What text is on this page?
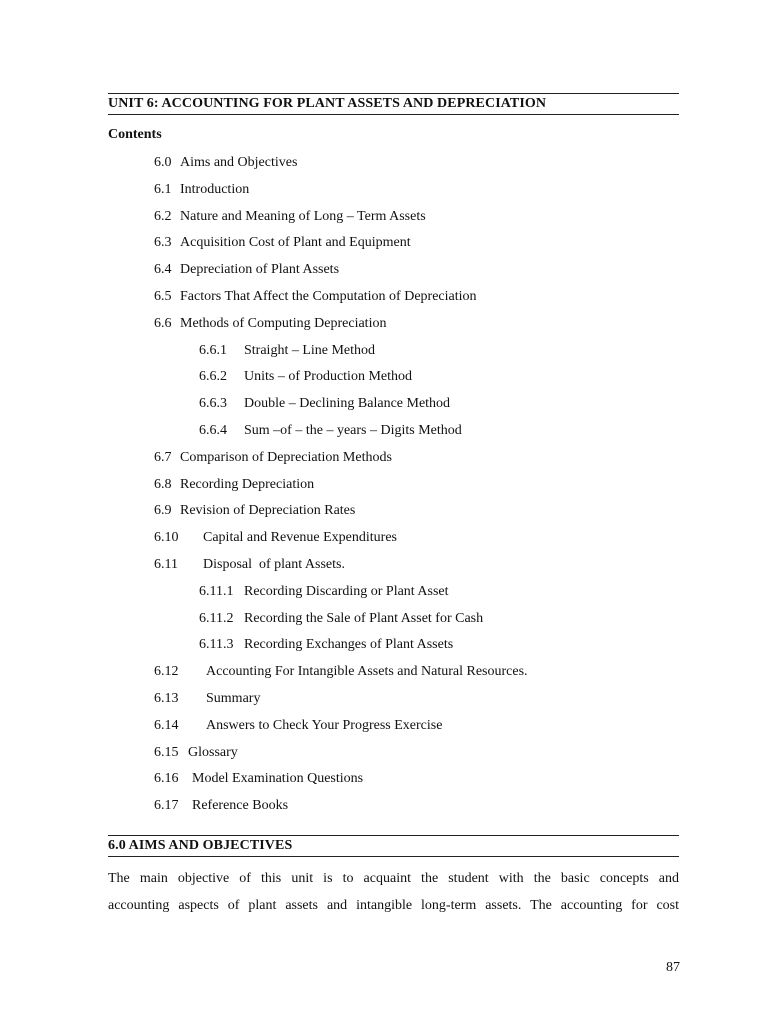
UNIT 6: ACCOUNTING FOR PLANT ASSETS AND DEPRECIATION
Contents
6.0 Aims and Objectives
6.1 Introduction
6.2 Nature and Meaning of Long – Term Assets
6.3 Acquisition Cost of Plant and Equipment
6.4 Depreciation of Plant Assets
6.5 Factors That Affect the Computation of Depreciation
6.6 Methods of Computing Depreciation
6.6.1 Straight – Line Method
6.6.2 Units – of Production Method
6.6.3 Double – Declining Balance Method
6.6.4 Sum –of – the – years – Digits Method
6.7 Comparison of Depreciation Methods
6.8 Recording Depreciation
6.9 Revision of Depreciation Rates
6.10 Capital and Revenue Expenditures
6.11 Disposal  of plant Assets.
6.11.1 Recording Discarding or Plant Asset
6.11.2 Recording the Sale of Plant Asset for Cash
6.11.3 Recording Exchanges of Plant Assets
6.12 Accounting For Intangible Assets and Natural Resources.
6.13 Summary
6.14 Answers to Check Your Progress Exercise
6.15 Glossary
6.16 Model Examination Questions
6.17 Reference Books
6.0 AIMS AND OBJECTIVES
The main objective of this unit is to acquaint the student with the basic concepts and
accounting aspects of plant assets and intangible long-term assets. The accounting for cost
87
